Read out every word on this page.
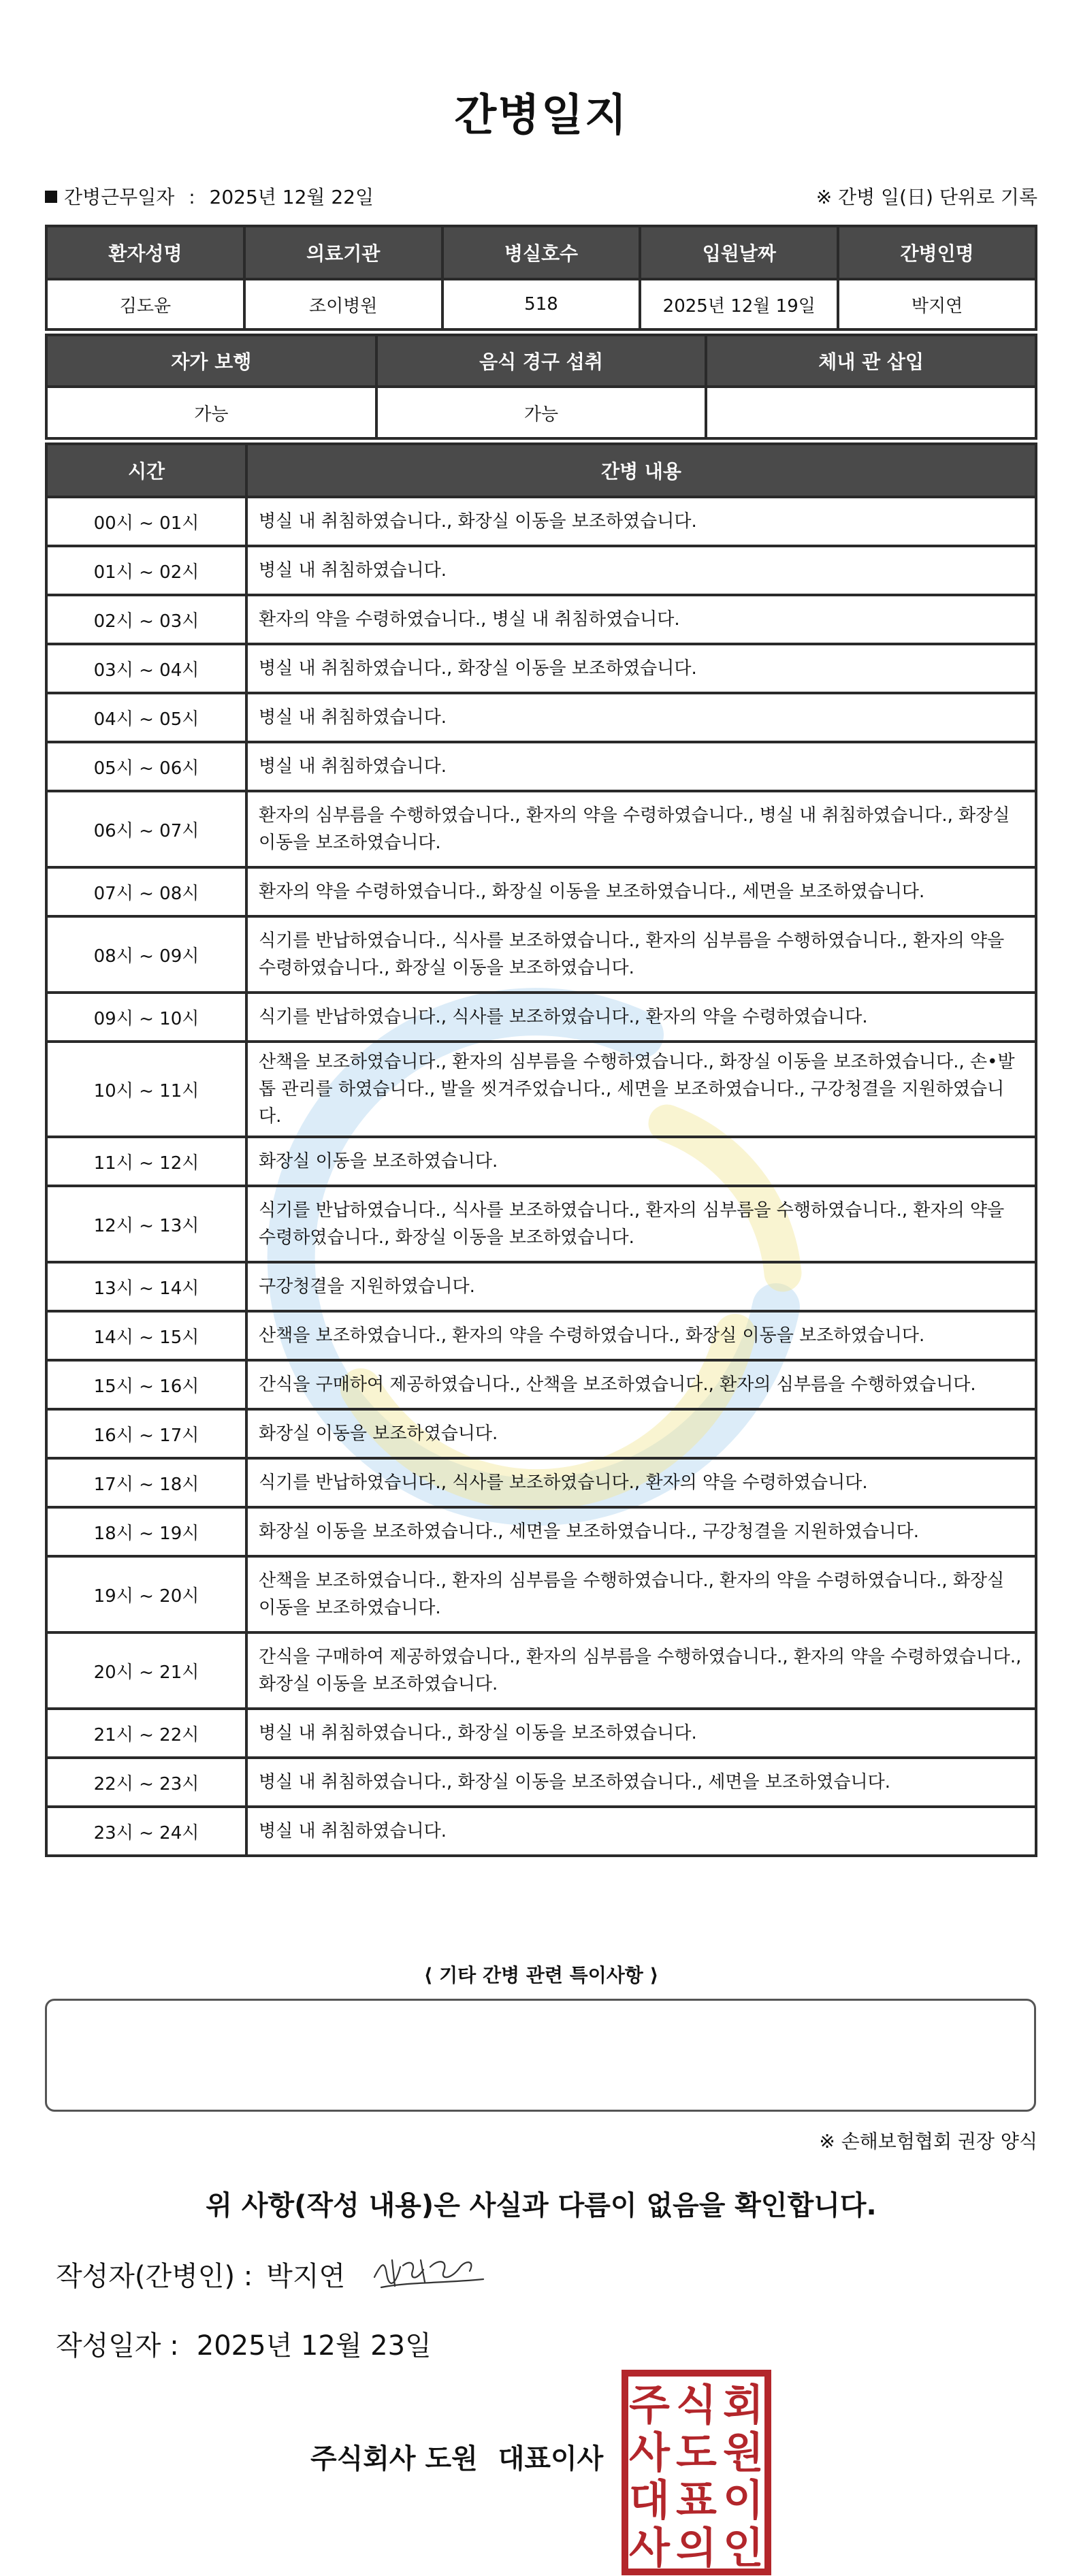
간병일지
간병근무일자 : 2025년 12월 22일	※ 간병 일(日) 단위로 기록
환자성명	의료기관	병실호수	입원날짜	간병인명
김도윤	조이병원	518	2025년 12월 19일	박지연
자가 보행	음식 경구 섭취	체내 관 삽입
가능	가능	
시간	간병 내용
00시 ~ 01시	병실 내 취침하였습니다., 화장실 이동을 보조하였습니다.
01시 ~ 02시	병실 내 취침하였습니다.
02시 ~ 03시	환자의 약을 수령하였습니다., 병실 내 취침하였습니다.
03시 ~ 04시	병실 내 취침하였습니다., 화장실 이동을 보조하였습니다.
04시 ~ 05시	병실 내 취침하였습니다.
05시 ~ 06시	병실 내 취침하였습니다.
06시 ~ 07시	환자의 심부름을 수행하였습니다., 환자의 약을 수령하였습니다., 병실 내 취침하였습니다., 화장실 이동을 보조하였습니다.
07시 ~ 08시	환자의 약을 수령하였습니다., 화장실 이동을 보조하였습니다., 세면을 보조하였습니다.
08시 ~ 09시	식기를 반납하였습니다., 식사를 보조하였습니다., 환자의 심부름을 수행하였습니다., 환자의 약을 수령하였습니다., 화장실 이동을 보조하였습니다.
09시 ~ 10시	식기를 반납하였습니다., 식사를 보조하였습니다., 환자의 약을 수령하였습니다.
10시 ~ 11시	산책을 보조하였습니다., 환자의 심부름을 수행하였습니다., 화장실 이동을 보조하였습니다., 손•발톱 관리를 하였습니다., 발을 씻겨주었습니다., 세면을 보조하였습니다., 구강청결을 지원하였습니다.
11시 ~ 12시	화장실 이동을 보조하였습니다.
12시 ~ 13시	식기를 반납하였습니다., 식사를 보조하였습니다., 환자의 심부름을 수행하였습니다., 환자의 약을 수령하였습니다., 화장실 이동을 보조하였습니다.
13시 ~ 14시	구강청결을 지원하였습니다.
14시 ~ 15시	산책을 보조하였습니다., 환자의 약을 수령하였습니다., 화장실 이동을 보조하였습니다.
15시 ~ 16시	간식을 구매하여 제공하였습니다., 산책을 보조하였습니다., 환자의 심부름을 수행하였습니다.
16시 ~ 17시	화장실 이동을 보조하였습니다.
17시 ~ 18시	식기를 반납하였습니다., 식사를 보조하였습니다., 환자의 약을 수령하였습니다.
18시 ~ 19시	화장실 이동을 보조하였습니다., 세면을 보조하였습니다., 구강청결을 지원하였습니다.
19시 ~ 20시	산책을 보조하였습니다., 환자의 심부름을 수행하였습니다., 환자의 약을 수령하였습니다., 화장실 이동을 보조하였습니다.
20시 ~ 21시	간식을 구매하여 제공하였습니다., 환자의 심부름을 수행하였습니다., 환자의 약을 수령하였습니다., 화장실 이동을 보조하였습니다.
21시 ~ 22시	병실 내 취침하였습니다., 화장실 이동을 보조하였습니다.
22시 ~ 23시	병실 내 취침하였습니다., 화장실 이동을 보조하였습니다., 세면을 보조하였습니다.
23시 ~ 24시	병실 내 취침하였습니다.
⟨ 기타 간병 관련 특이사항 ⟩
※ 손해보험협회 권장 양식
위 사항(작성 내용)은 사실과 다름이 없음을 확인합니다.
작성자(간병인) : 박지연
작성일자 : 2025년 12월 23일
주식회사 도원 대표이사
주 식 회
사 도 원
대 표 이
사 의 인
